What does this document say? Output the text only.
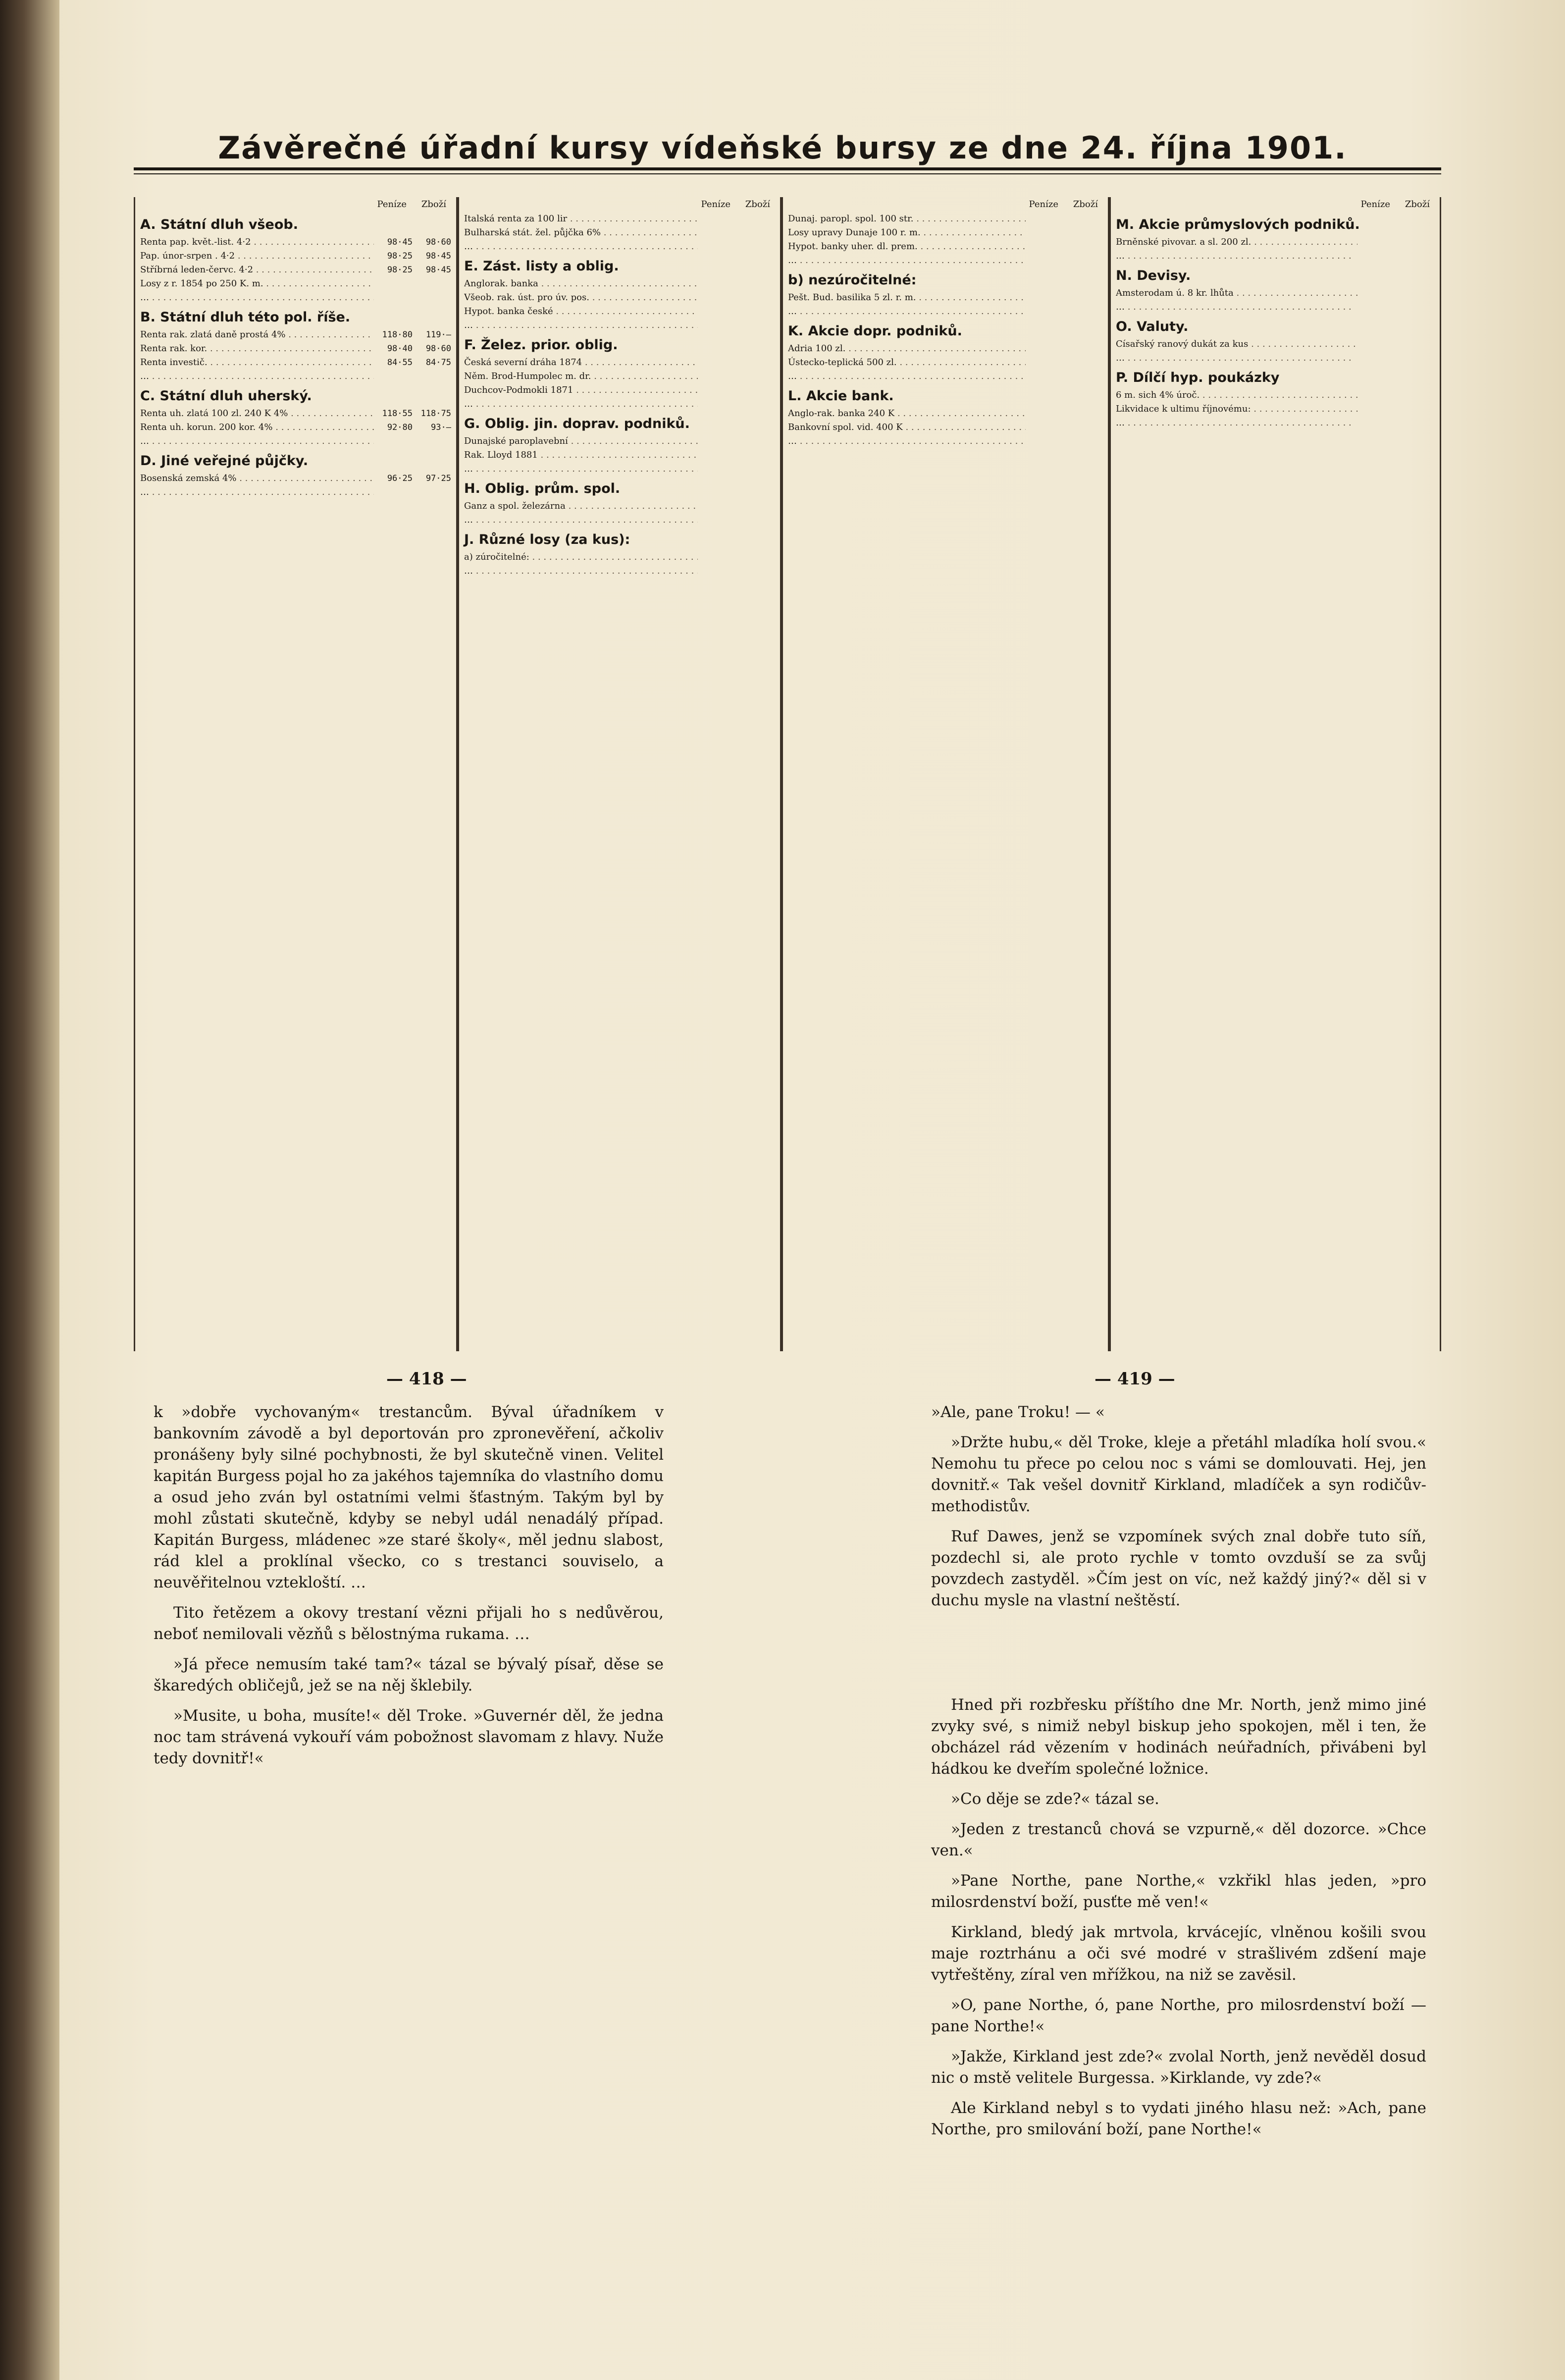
Závěrečné úřadní kursy vídeňské bursy ze dne 24. října 1901.
Peníze Zboží
A. Státní dluh všeob.
Renta pap. květ.-list. 4·2 . . .	98·45	98·60
Pap. únor-srpen . 4·2 . . .	98·25	98·45
Stříbrná leden-červc. 4·2 . . .	98·25	98·45
Losy z r. 1854 po 250 K. m. . . .
… . . .
B. Státní dluh této pol. říše.
Renta rak. zlatá daně prostá 4% . . .	118·80	119·—
Renta rak. kor. . . .	98·40	98·60
Renta investič. . . .	84·55	84·75
… . . .
C. Státní dluh uherský.
Renta uh. zlatá 100 zl. 240 K 4% . . .	118·55 118·75
Renta uh. korun. 200 kor. 4% . . .	92·80	93·—
… . . .
D. Jiné veřejné půjčky.
Bosenská zemská 4% . . .	96·25	97·25
… . . .
Peníze Zboží
Italská renta za 100 lir . . .
Bulharská stát. žel. půjčka 6% . . .
… . . .
E. Zást. listy a oblig.
Anglorak. banka . . .
Všeob. rak. úst. pro úv. pos. . . .
Hypot. banka české . . .
… . . .
F. Želez. prior. oblig.
Česká severní dráha 1874 . . .
Něm. Brod-Humpolec m. dr. . . .
Duchcov-Podmokli 1871 . . .
… . . .
G. Oblig. jin. doprav. podniků.
Dunajské paroplavební . . .
Rak. Lloyd 1881 . . .
… . . .
H. Oblig. prům. spol.
Ganz a spol. železárna . . .
… . . .
J. Různé losy (za kus):
a) zúročitelné: . . .
… . . .
Peníze Zboží
Dunaj. paropl. spol. 100 str. . . .
Losy upravy Dunaje 100 r. m. . . .
Hypot. banky uher. dl. prem. . . .
… . . .
b) nezúročitelné:
Pešt. Bud. basilika 5 zl. r. m. . . .
… . . .
K. Akcie dopr. podniků.
Adria 100 zl. . . .
Ústecko-teplická 500 zl. . . .
… . . .
L. Akcie bank.
Anglo-rak. banka 240 K . . .
Bankovní spol. vid. 400 K . . .
… . . .
Peníze Zboží
M. Akcie průmyslových podniků.
Brněnské pivovar. a sl. 200 zl. . . .
… . . .
N. Devisy.
Amsterodam ú. 8 kr. lhůta . . .
… . . .
O. Valuty.
Císařský ranový dukát za kus . . .
… . . .
P. Dílčí hyp. poukázky
6 m. sich 4% úroč. . . .
Likvidace k ultimu říjnovému: . . .
… . . .
— 418 —	— 419 —

k »dobře vychovaným« trestancům. Býval úřadníkem v bankovním závodě a byl deportován pro zpronevěření, ačkoliv pronášeny byly silné pochybnosti, že byl skutečně vinen. Velitel kapitán Burgess pojal ho za jakéhos tajemníka do vlastního domu a osud jeho zván byl ostatními velmi šťastným. Takým byl by mohl zůstati skutečně, kdyby se nebyl udál nenadálý případ. Kapitán Burgess, mládenec »ze staré školy«, měl jednu slabost, rád klel a proklínal všecko, co s trestanci souviselo, a neuvěřitelnou vztekloští. …

Tito řetězem a okovy trestaní vězni přijali ho s nedůvěrou, neboť nemilovali vězňů s bělostnýma rukama. …

»Já přece nemusím také tam?« tázal se bývalý písař, děse se škaredých obličejů, jež se na něj šklebily.

»Musite, u boha, musíte!« děl Troke. »Guvernér děl, že jedna noc tam strávená vykouří vám pobožnost slavomam z hlavy. Nuže tedy dovnitř!«

»Ale, pane Troku! — «

»Držte hubu,« děl Troke, kleje a přetáhl mladíka holí svou.« Nemohu tu přece po celou noc s vámi se domlouvati. Hej, jen dovnitř.« Tak vešel dovnitř Kirkland, mladíček a syn rodičův-methodistův.

Ruf Dawes, jenž se vzpomínek svých znal dobře tuto síň, pozdechl si, ale proto rychle v tomto ovzduší se za svůj povzdech zastyděl. »Čím jest on víc, než každý jiný?« děl si v duchu mysle na vlastní neštěstí.

Hned při rozbřesku příštího dne Mr. North, jenž mimo jiné zvyky své, s nimiž nebyl biskup jeho spokojen, měl i ten, že obcházel rád vězením v hodinách neúřadních, přivábeni byl hádkou ke dveřím společné ložnice.

»Co děje se zde?« tázal se.

»Jeden z trestanců chová se vzpurně,« děl dozorce. »Chce ven.«

»Pane Northe, pane Northe,« vzkřikl hlas jeden, »pro milosrdenství boží, pusťte mě ven!«

Kirkland, bledý jak mrtvola, krvácejíc, vlněnou košili svou maje roztrhánu a oči své modré v strašlivém zdšení maje vytřeštěny, zíral ven mřížkou, na niž se zavěsil.

»O, pane Northe, ó, pane Northe, pro milosrdenství boží — pane Northe!«

»Jakže, Kirkland jest zde?« zvolal North, jenž nevěděl dosud nic o mstě velitele Burgessa. »Kirklande, vy zde?«

Ale Kirkland nebyl s to vydati jiného hlasu než: »Ach, pane Northe, pro smilování boží, pane Northe!«
